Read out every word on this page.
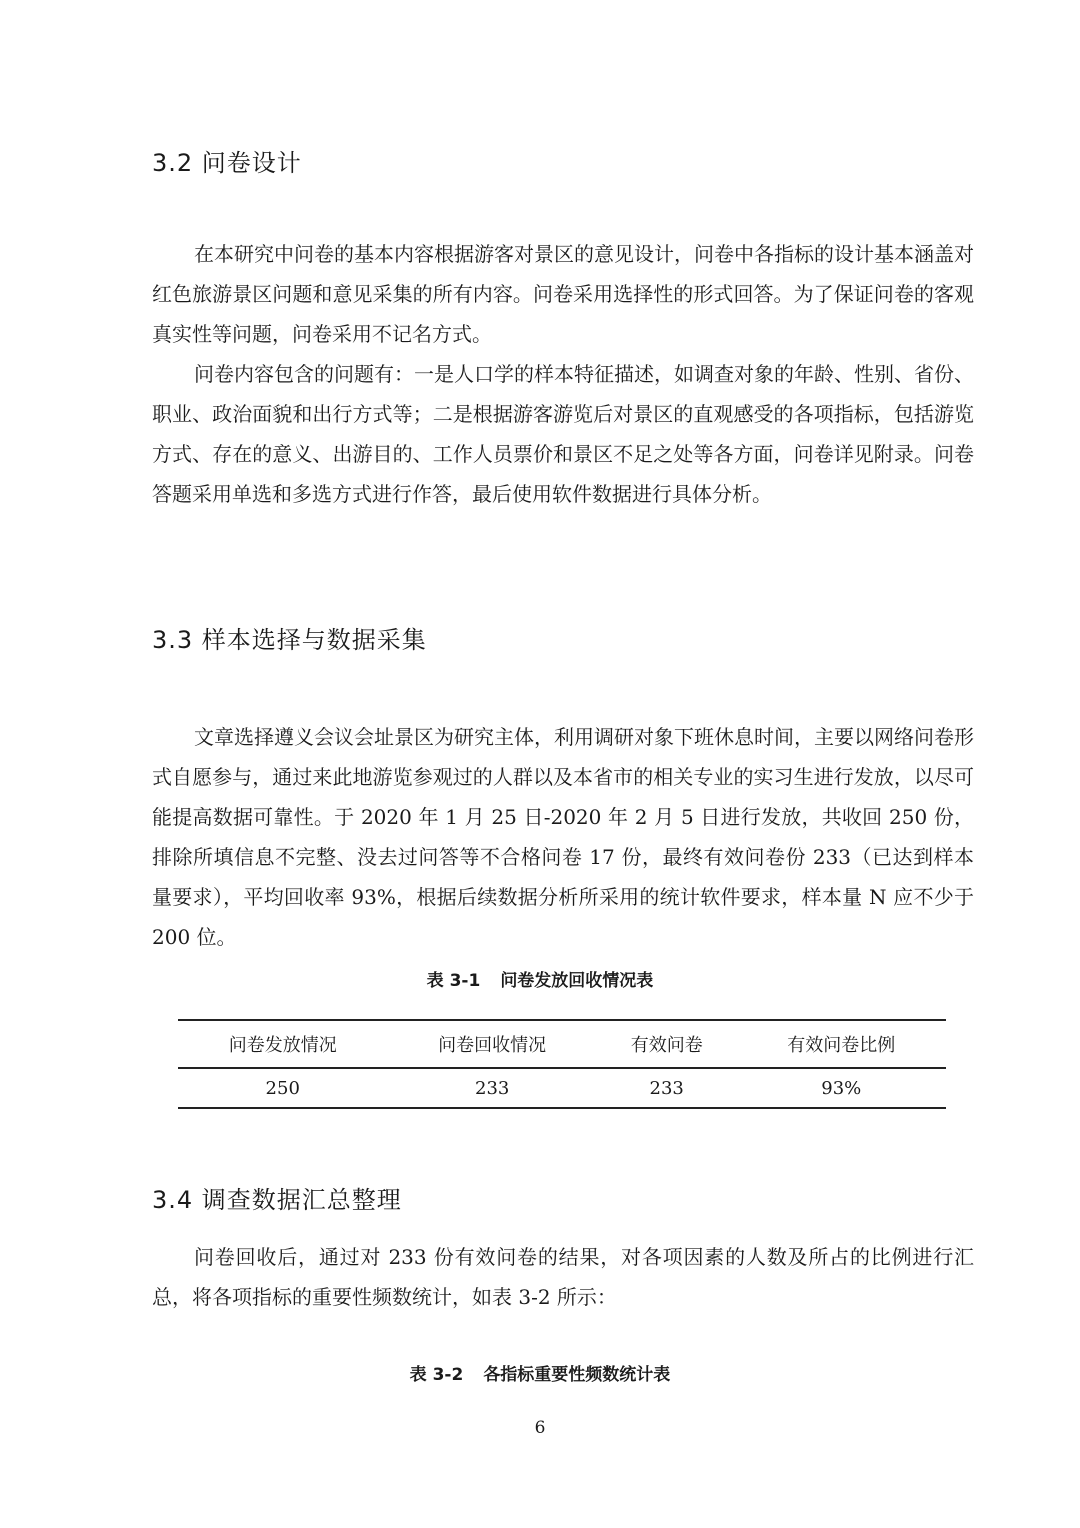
3.2 问卷设计

在本研究中问卷的基本内容根据游客对景区的意见设计，问卷中各指标的设计基本涵盖对红色旅游景区问题和意见采集的所有内容。问卷采用选择性的形式回答。为了保证问卷的客观真实性等问题，问卷采用不记名方式。

问卷内容包含的问题有：一是人口学的样本特征描述，如调查对象的年龄、性别、省份、职业、政治面貌和出行方式等；二是根据游客游览后对景区的直观感受的各项指标，包括游览方式、存在的意义、出游目的、工作人员票价和景区不足之处等各方面，问卷详见附录。问卷答题采用单选和多选方式进行作答，最后使用软件数据进行具体分析。

3.3 样本选择与数据采集

文章选择遵义会议会址景区为研究主体，利用调研对象下班休息时间，主要以网络问卷形式自愿参与，通过来此地游览参观过的人群以及本省市的相关专业的实习生进行发放，以尽可能提高数据可靠性。于 2020 年 1 月 25 日-2020 年 2 月 5 日进行发放，共收回 250 份，排除所填信息不完整、没去过问答等不合格问卷 17 份，最终有效问卷份 233（已达到样本量要求），平均回收率 93%，根据后续数据分析所采用的统计软件要求，样本量 N 应不少于 200 位。

表 3-1 问卷发放回收情况表

问卷发放情况	问卷回收情况	有效问卷	有效问卷比例
250	233	233	93%
3.4 调查数据汇总整理

问卷回收后，通过对 233 份有效问卷的结果，对各项因素的人数及所占的比例进行汇总，将各项指标的重要性频数统计，如表 3-2 所示：

表 3-2 各指标重要性频数统计表

6
